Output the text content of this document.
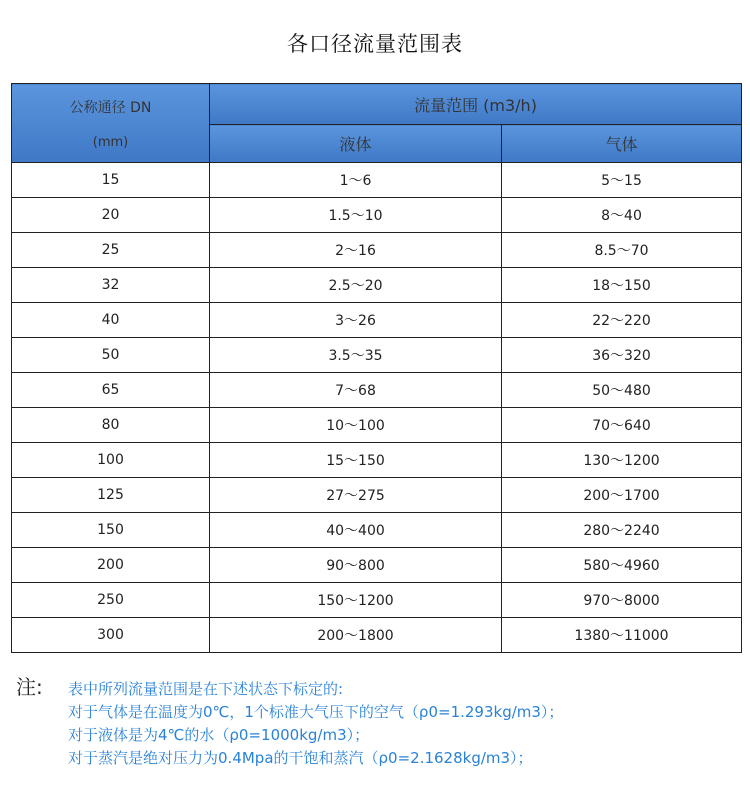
各口径流量范围表
公称通径 DN
(mm)	流量范围 (m3/h)	
	液体	气体
15	1～6	5～15
20	1.5～10	8～40
25	2～16	8.5～70
32	2.5～20	18～150
40	3～26	22～220
50	3.5～35	36～320
65	7～68	50～480
80	10～100	70～640
100	15～150	130～1200
125	27～275	200～1700
150	40～400	280～2240
200	90～800	580～4960
250	150～1200	970～8000
300	200～1800	1380～11000
注: 表中所列流量范围是在下述状态下标定的:
对于气体是在温度为0℃，1个标准大气压下的空气（ρ0=1.293kg/m3）；
对于液体是为4℃的水（ρ0=1000kg/m3）；
对于蒸汽是绝对压力为0.4Mpa的干饱和蒸汽（ρ0=2.1628kg/m3）；
